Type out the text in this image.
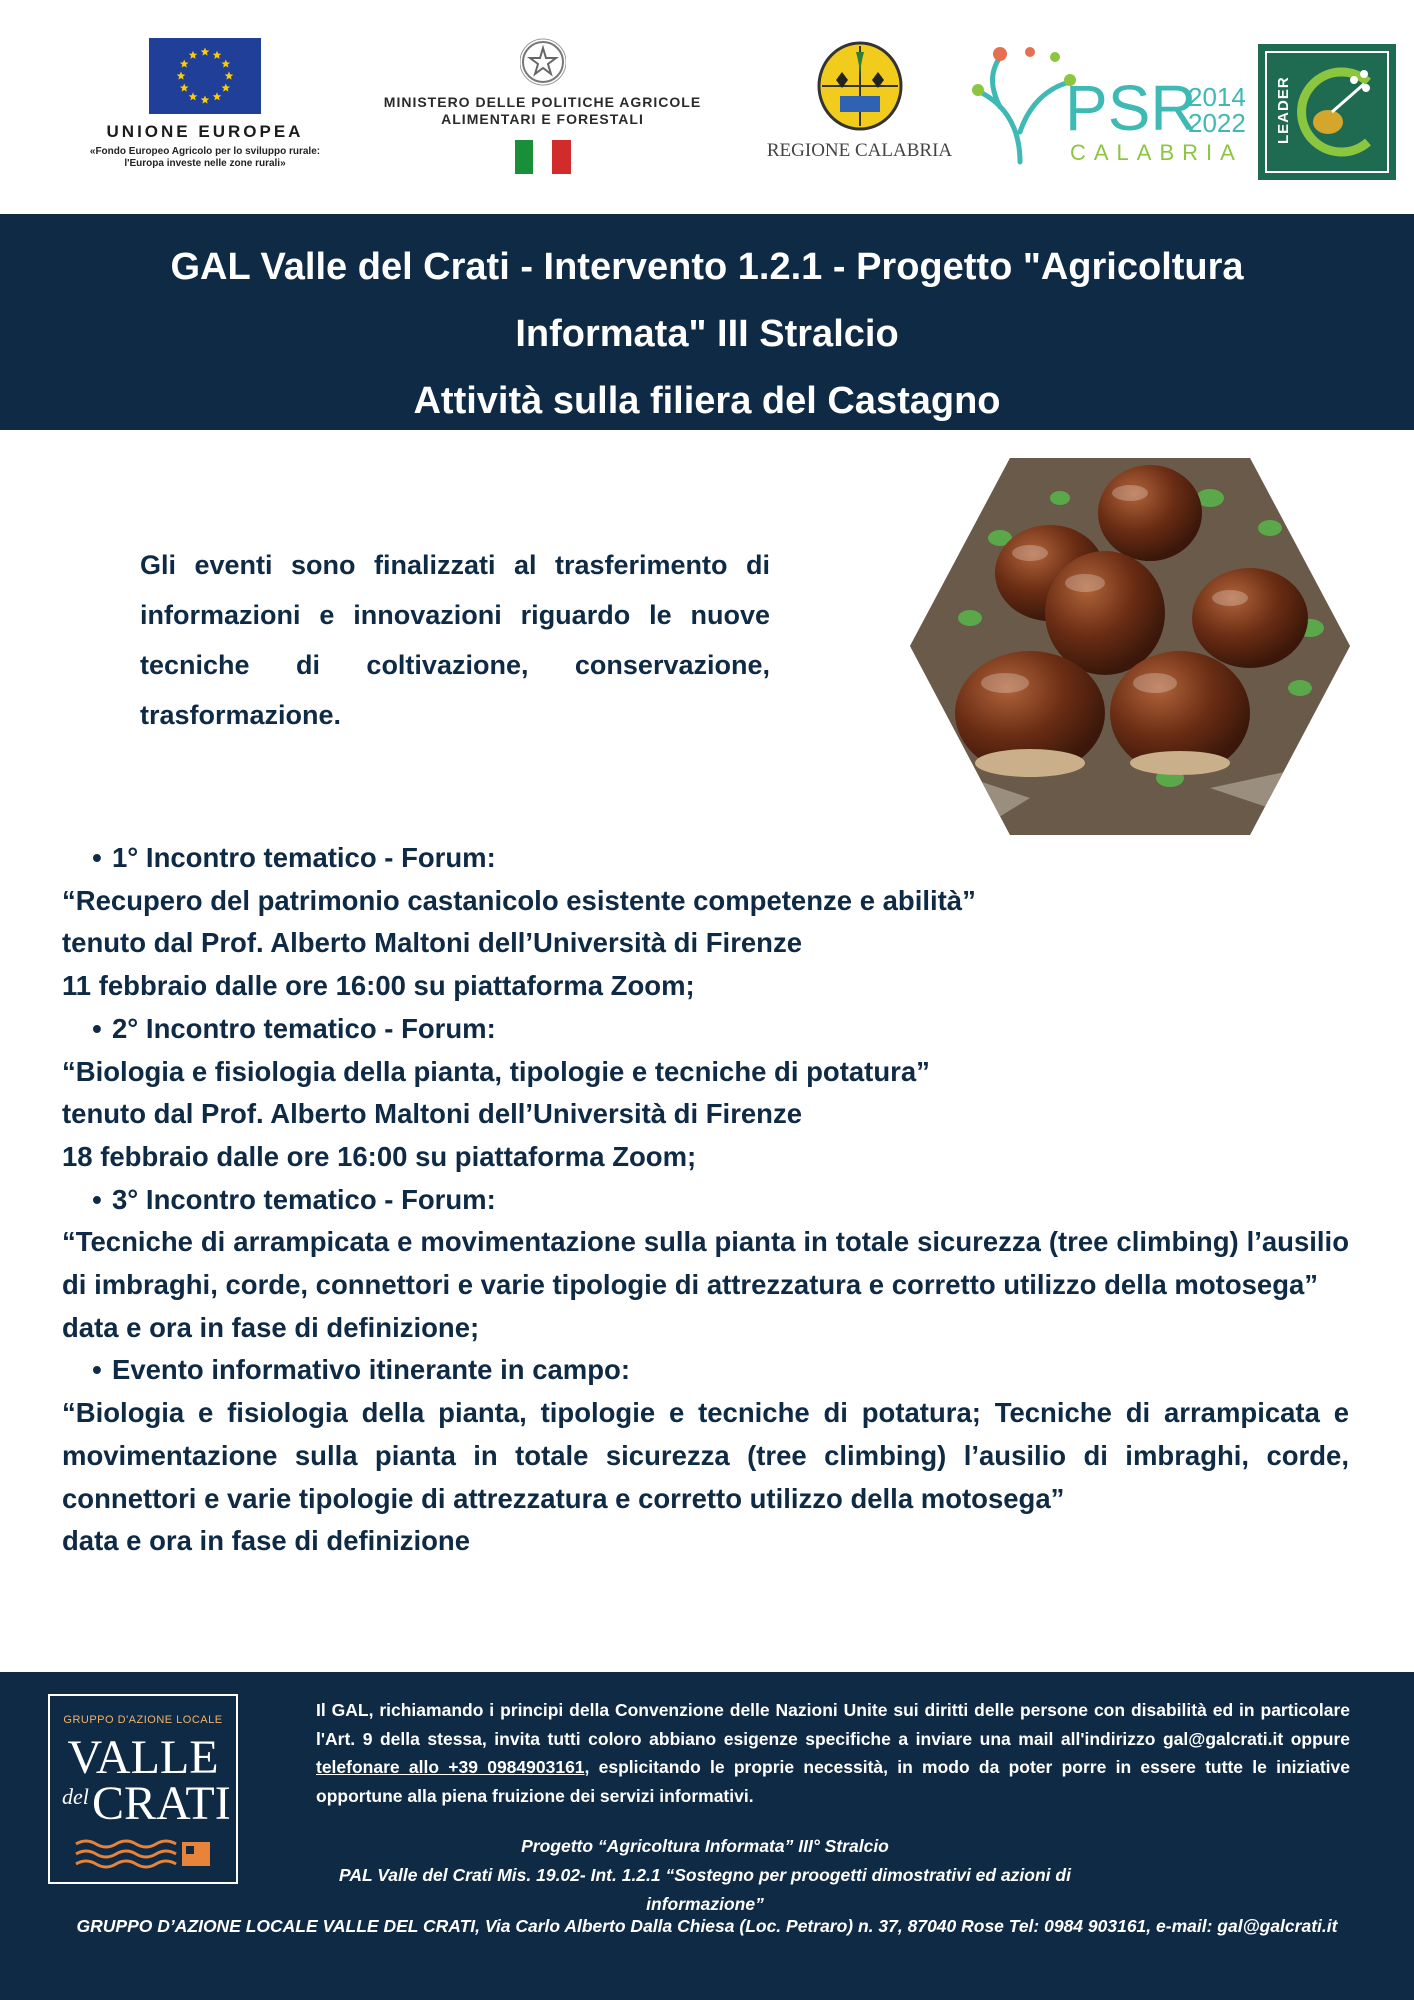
UNIONE EUROPEA
«Fondo Europeo Agricolo per lo sviluppo rurale:
l'Europa investe nelle zone rurali»
MINISTERO DELLE POLITICHE AGRICOLE
ALIMENTARI E FORESTALI
REGIONE CALABRIA
PSR
2014
2022
CALABRIA
LEADER

GAL Valle del Crati - Intervento 1.2.1 - Progetto "Agricoltura

Informata" III Stralcio

Attività sulla filiera del Castagno

Gli eventi sono finalizzati al trasferimento di informazioni e innovazioni riguardo le nuove tecniche di coltivazione, conservazione, trasformazione.

• 1° Incontro tematico - Forum:

“Recupero del patrimonio castanicolo esistente competenze e abilità”

tenuto dal Prof. Alberto Maltoni dell’Università di Firenze

11 febbraio dalle ore 16:00 su piattaforma Zoom;

• 2° Incontro tematico - Forum:

“Biologia e fisiologia della pianta, tipologie e tecniche di potatura”

tenuto dal Prof. Alberto Maltoni dell’Università di Firenze

18 febbraio dalle ore 16:00 su piattaforma Zoom;

• 3° Incontro tematico - Forum:

“Tecniche di arrampicata e movimentazione sulla pianta in totale sicurezza (tree climbing) l’ausilio di imbraghi, corde, connettori e varie tipologie di attrezzatura e corretto utilizzo della motosega”

data e ora in fase di definizione;

• Evento informativo itinerante in campo:

“Biologia e fisiologia della pianta, tipologie e tecniche di potatura; Tecniche di arrampicata e movimentazione sulla pianta in totale sicurezza (tree climbing) l’ausilio di imbraghi, corde, connettori e varie tipologie di attrezzatura e corretto utilizzo della motosega”

data e ora in fase di definizione

GRUPPO D'AZIONE LOCALE
VALLE
del CRATI
Il GAL, richiamando i principi della Convenzione delle Nazioni Unite sui diritti delle persone con disabilità ed in particolare l'Art. 9 della stessa, invita tutti coloro abbiano esigenze specifiche a inviare una mail all'indirizzo gal@galcrati.it oppure telefonare allo +39 0984903161, esplicitando le proprie necessità, in modo da poter porre in essere tutte le iniziative opportune alla piena fruizione dei servizi informativi.
Progetto “Agricoltura Informata” III° Stralcio
PAL Valle del Crati Mis. 19.02- Int. 1.2.1 “Sostegno per proogetti dimostrativi ed azioni di informazione”
GRUPPO D’AZIONE LOCALE VALLE DEL CRATI, Via Carlo Alberto Dalla Chiesa (Loc. Petraro) n. 37, 87040 Rose Tel: 0984 903161, e-mail: gal@galcrati.it
